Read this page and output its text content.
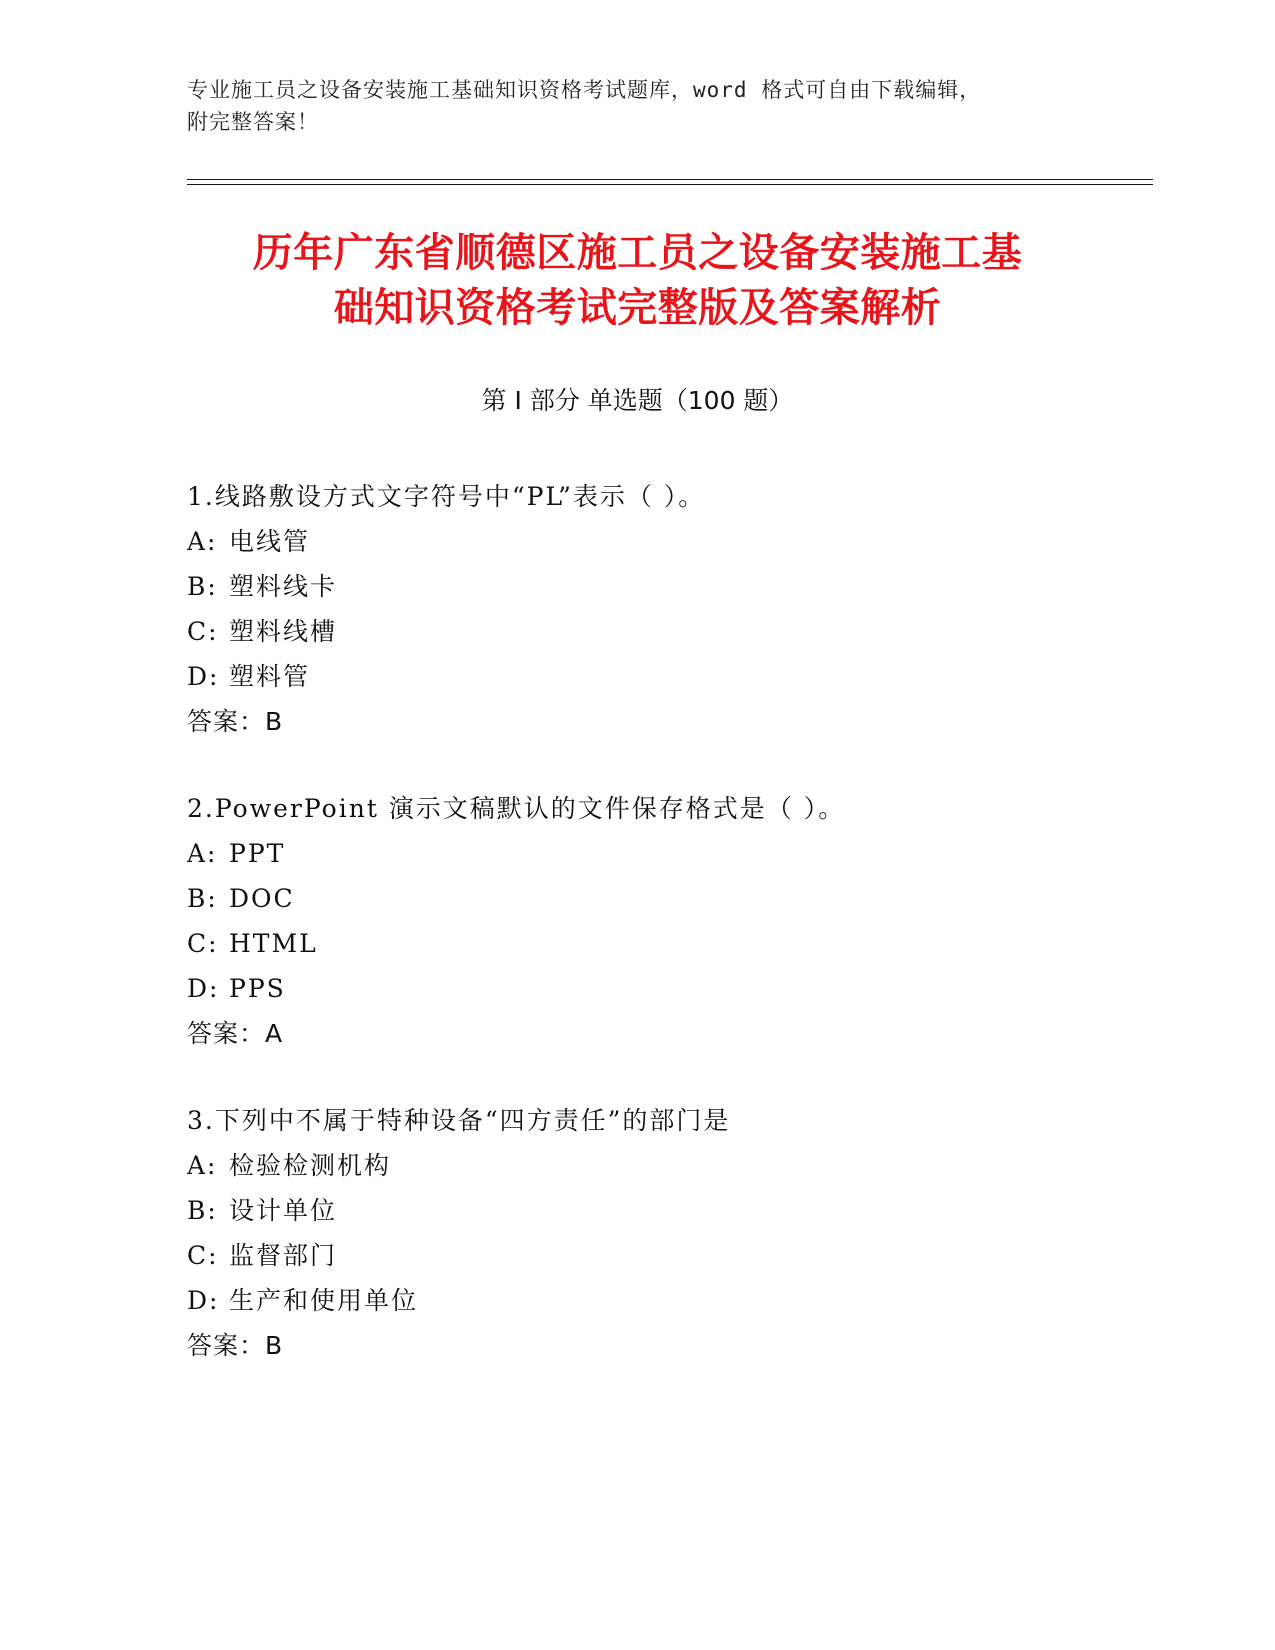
专业施工员之设备安装施工基础知识资格考试题库，word 格式可自由下载编辑，
附完整答案！
历年广东省顺德区施工员之设备安装施工基
础知识资格考试完整版及答案解析
第 I 部分 单选题（100 题）
1.线路敷设方式文字符号中“PL”表示（ ）。
A: 电线管
B: 塑料线卡
C: 塑料线槽
D: 塑料管
答案：B
2.PowerPoint 演示文稿默认的文件保存格式是（ ）。
A: PPT
B: DOC
C: HTML
D: PPS
答案：A
3.下列中不属于特种设备“四方责任”的部门是
A: 检验检测机构
B: 设计单位
C: 监督部门
D: 生产和使用单位
答案：B
